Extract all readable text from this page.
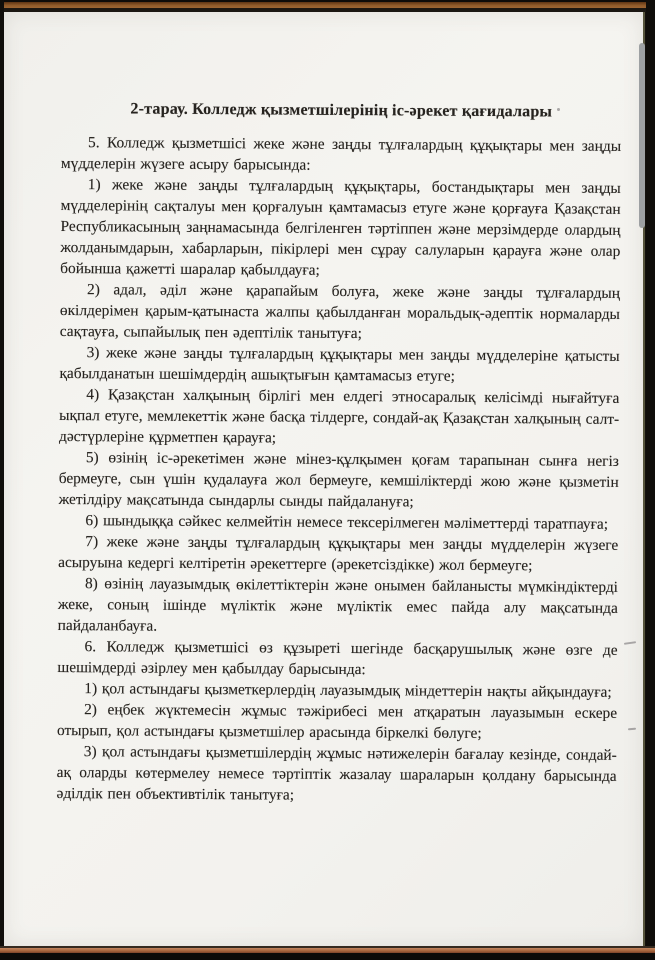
2-тарау. Колледж қызметшілерінің іс-әрекет қағидалары

5. Колледж қызметшісі жеке және заңды тұлғалардың құқықтары мен заңды мүдделерін жүзеге асыру барысында:

1) жеке және заңды тұлғалардың құқықтары, бостандықтары мен заңды мүдделерінің сақталуы мен қорғалуын қамтамасыз етуге және қорғауға Қазақстан Республикасының заңнамасында белгіленген тәртіппен және мерзімдерде олардың жолданымдарын, хабарларын, пікірлері мен сұрау салуларын қарауға және олар бойынша қажетті шаралар қабылдауға;

2) адал, әділ және қарапайым болуға, жеке және заңды тұлғалардың өкілдерімен қарым-қатынаста жалпы қабылданған моральдық-әдептік нормаларды сақтауға, сыпайылық пен әдептілік танытуға;

3) жеке және заңды тұлғалардың құқықтары мен заңды мүдделеріне қатысты қабылданатын шешімдердің ашықтығын қамтамасыз етуге;

4) Қазақстан халқының бірлігі мен елдегі этносаралық келісімді нығайтуға ықпал етуге, мемлекеттік және басқа тілдерге, сондай-ақ Қазақстан халқының салт-дәстүрлеріне құрметпен қарауға;

5) өзінің іс-әрекетімен және мінез-құлқымен қоғам тарапынан сынға негіз бермеуге, сын үшін қудалауға жол бермеуге, кемшіліктерді жою және қызметін жетілдіру мақсатында сындарлы сынды пайдалануға;

6) шындыққа сәйкес келмейтін немесе тексерілмеген мәліметтерді таратпауға;

7) жеке және заңды тұлғалардың құқықтары мен заңды мүдделерін жүзеге асыруына кедергі келтіретін әрекеттерге (әрекетсіздікке) жол бермеуге;

8) өзінің лауазымдық өкілеттіктерін және онымен байланысты мүмкіндіктерді жеке, соның ішінде мүліктік және мүліктік емес пайда алу мақсатында пайдаланбауға.

6. Колледж қызметшісі өз құзыреті шегінде басқарушылық және өзге де шешімдерді әзірлеу мен қабылдау барысында:

1) қол астындағы қызметкерлердің лауазымдық міндеттерін нақты айқындауға;

2) еңбек жүктемесін жұмыс тәжірибесі мен атқаратын лауазымын ескере отырып, қол астындағы қызметшілер арасында біркелкі бөлуге;

3) қол астындағы қызметшілердің жұмыс нәтижелерін бағалау кезінде, сондай-ақ оларды көтермелеу немесе тәртіптік жазалау шараларын қолдану барысында әділдік пен объективтілік танытуға;
